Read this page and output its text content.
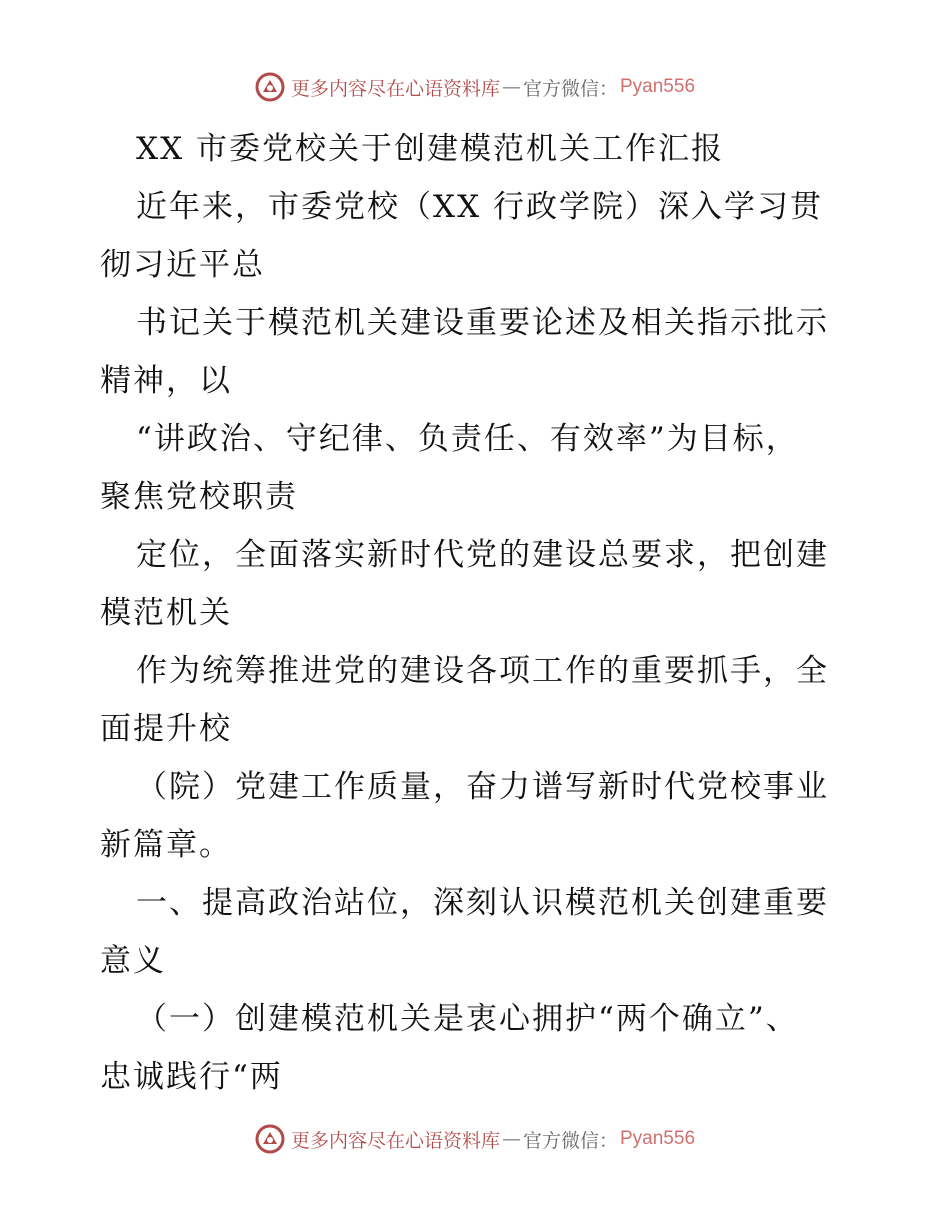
更多内容尽在心语资料库 — 官方微信： Pyan556
XX 市委党校关于创建模范机关工作汇报
近年来，市委党校（XX 行政学院）深入学习贯
彻习近平总
书记关于模范机关建设重要论述及相关指示批示
精神，以
“讲政治、守纪律、负责任、有效率”为目标，
聚焦党校职责
定位，全面落实新时代党的建设总要求，把创建
模范机关
作为统筹推进党的建设各项工作的重要抓手，全
面提升校
（院）党建工作质量，奋力谱写新时代党校事业
新篇章。
一、提高政治站位，深刻认识模范机关创建重要
意义
（一）创建模范机关是衷心拥护“两个确立”、
忠诚践行“两
更多内容尽在心语资料库 — 官方微信： Pyan556
